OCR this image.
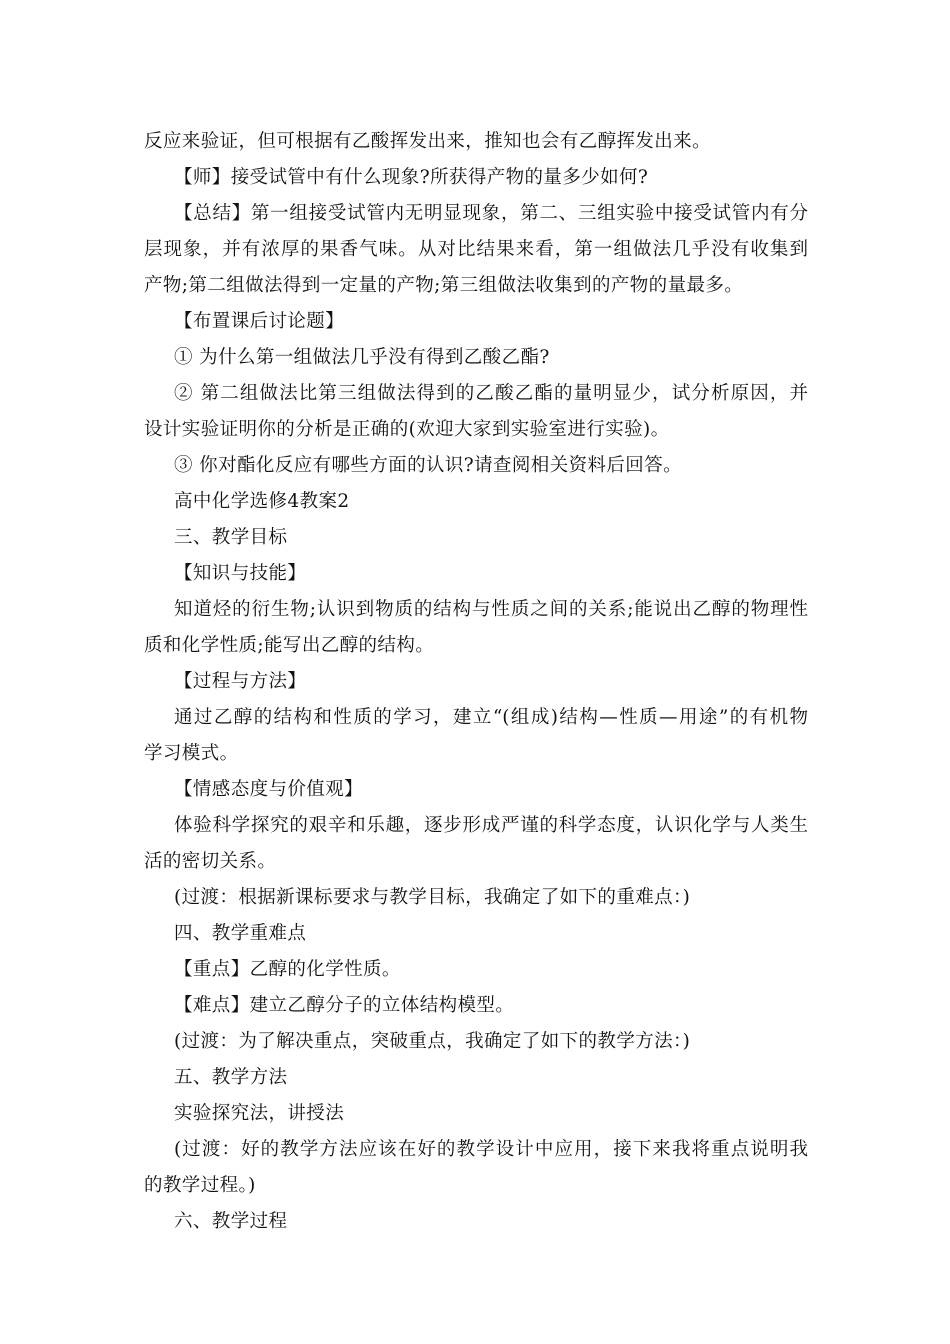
反应来验证，但可根据有乙酸挥发出来，推知也会有乙醇挥发出来。
【师】接受试管中有什么现象?所获得产物的量多少如何?
【总结】第一组接受试管内无明显现象，第二、三组实验中接受试管内有分
层现象，并有浓厚的果香气味。从对比结果来看，第一组做法几乎没有收集到
产物;第二组做法得到一定量的产物;第三组做法收集到的产物的量最多。
【布置课后讨论题】
① 为什么第一组做法几乎没有得到乙酸乙酯?
② 第二组做法比第三组做法得到的乙酸乙酯的量明显少，试分析原因，并
设计实验证明你的分析是正确的(欢迎大家到实验室进行实验)。
③ 你对酯化反应有哪些方面的认识?请查阅相关资料后回答。
高中化学选修4教案2
三、教学目标
【知识与技能】
知道烃的衍生物;认识到物质的结构与性质之间的关系;能说出乙醇的物理性
质和化学性质;能写出乙醇的结构。
【过程与方法】
通过乙醇的结构和性质的学习，建立“(组成)结构—性质—用途”的有机物
学习模式。
【情感态度与价值观】
体验科学探究的艰辛和乐趣，逐步形成严谨的科学态度，认识化学与人类生
活的密切关系。
(过渡：根据新课标要求与教学目标，我确定了如下的重难点：)
四、教学重难点
【重点】乙醇的化学性质。
【难点】建立乙醇分子的立体结构模型。
(过渡：为了解决重点，突破重点，我确定了如下的教学方法：)
五、教学方法
实验探究法，讲授法
(过渡：好的教学方法应该在好的教学设计中应用，接下来我将重点说明我
的教学过程。)
六、教学过程
